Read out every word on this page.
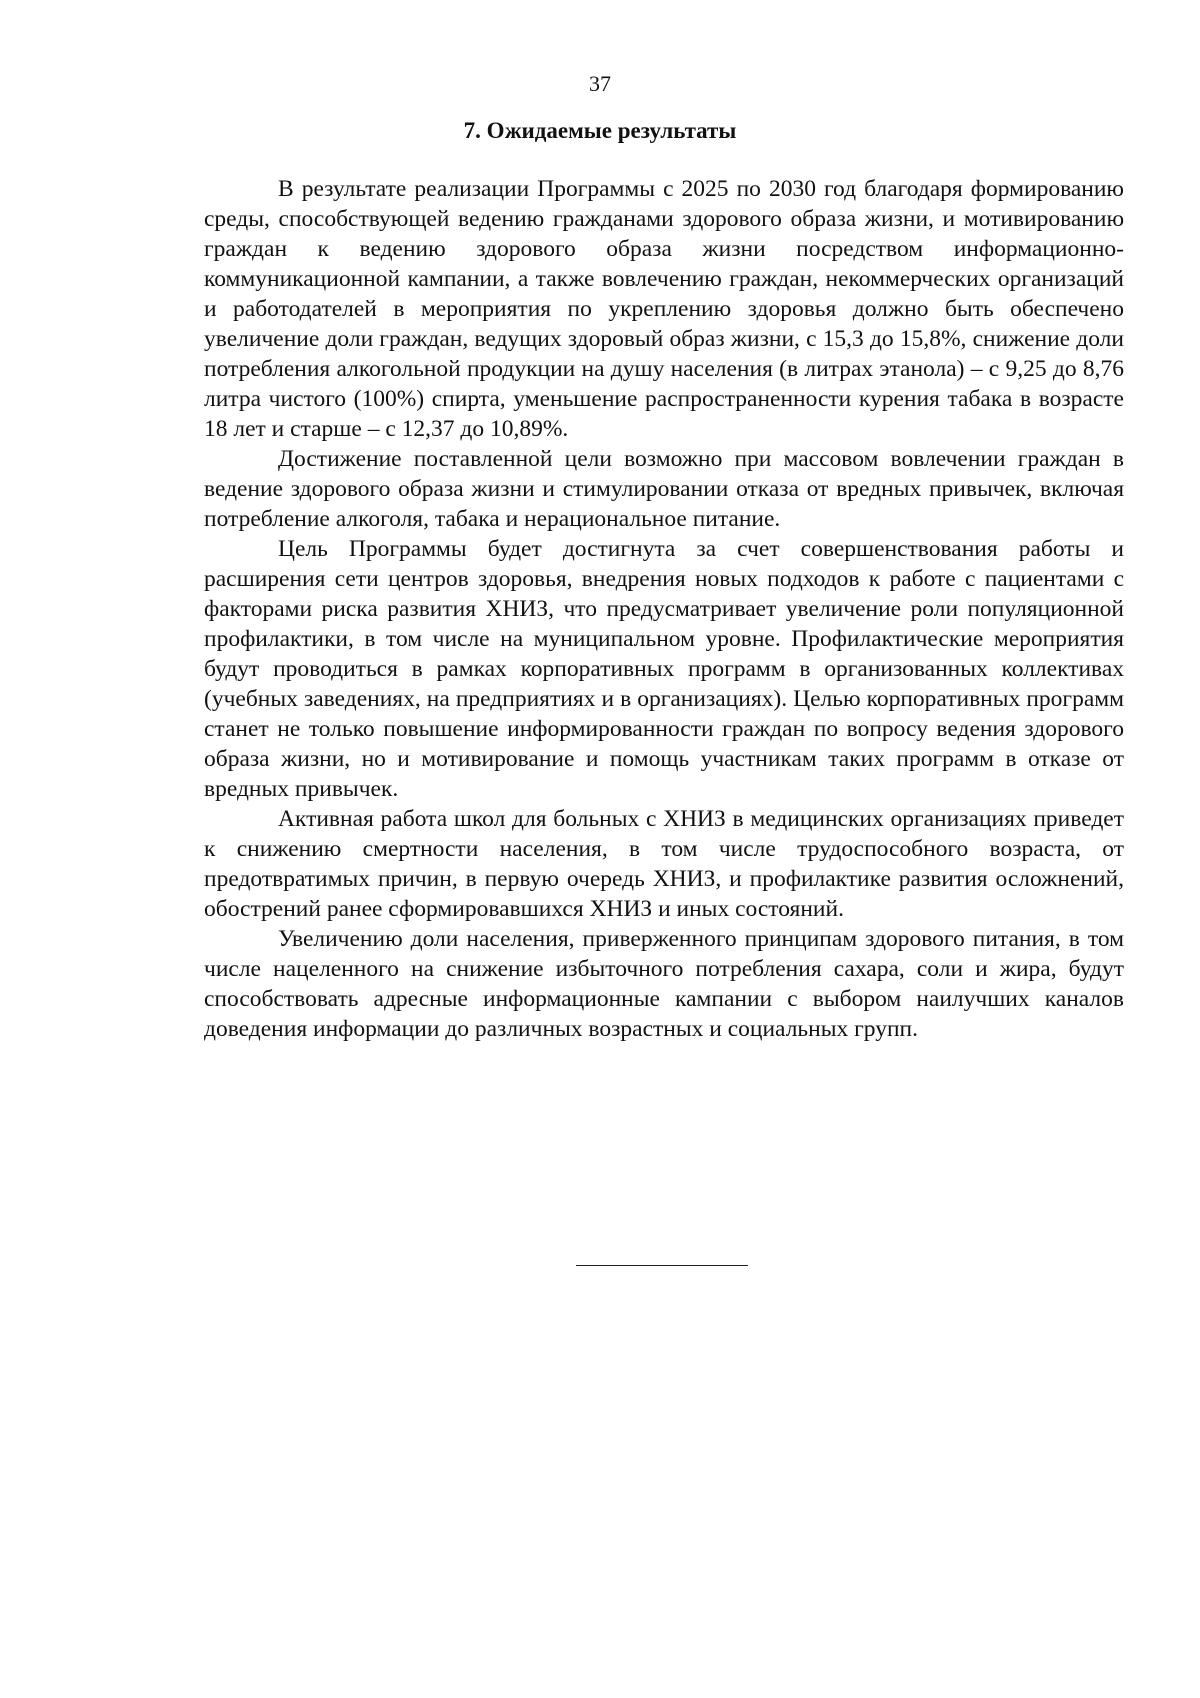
37
7. Ожидаемые результаты

В результате реализации Программы с 2025 по 2030 год благодаря формированию среды, способствующей ведению гражданами здорового образа жизни, и мотивированию граждан к ведению здорового образа жизни посредством информационно-коммуникационной кампании, а также вовлечению граждан, некоммерческих организаций и работодателей в мероприятия по укреплению здоровья должно быть обеспечено увеличение доли граждан, ведущих здоровый образ жизни, с 15,3 до 15,8%, снижение доли потребления алкогольной продукции на душу населения (в литрах этанола) – с 9,25 до 8,76 литра чистого (100%) спирта, уменьшение распространенности курения табака в возрасте 18 лет и старше – с 12,37 до 10,89%.

Достижение поставленной цели возможно при массовом вовлечении граждан в ведение здорового образа жизни и стимулировании отказа от вредных привычек, включая потребление алкоголя, табака и нерациональное питание.

Цель Программы будет достигнута за счет совершенствования работы и расширения сети центров здоровья, внедрения новых подходов к работе с пациентами с факторами риска развития ХНИЗ, что предусматривает увеличение роли популяционной профилактики, в том числе на муниципальном уровне. Профилактические мероприятия будут проводиться в рамках корпоративных программ в организованных коллективах (учебных заведениях, на предприятиях и в организациях). Целью корпоративных программ станет не только повышение информированности граждан по вопросу ведения здорового образа жизни, но и мотивирование и помощь участникам таких программ в отказе от вредных привычек.

Активная работа школ для больных с ХНИЗ в медицинских организациях приведет к снижению смертности населения, в том числе трудоспособного возраста, от предотвратимых причин, в первую очередь ХНИЗ, и профилактике развития осложнений, обострений ранее сформировавшихся ХНИЗ и иных состояний.

Увеличению доли населения, приверженного принципам здорового питания, в том числе нацеленного на снижение избыточного потребления сахара, соли и жира, будут способствовать адресные информационные кампании с выбором наилучших каналов доведения информации до различных возрастных и социальных групп.
